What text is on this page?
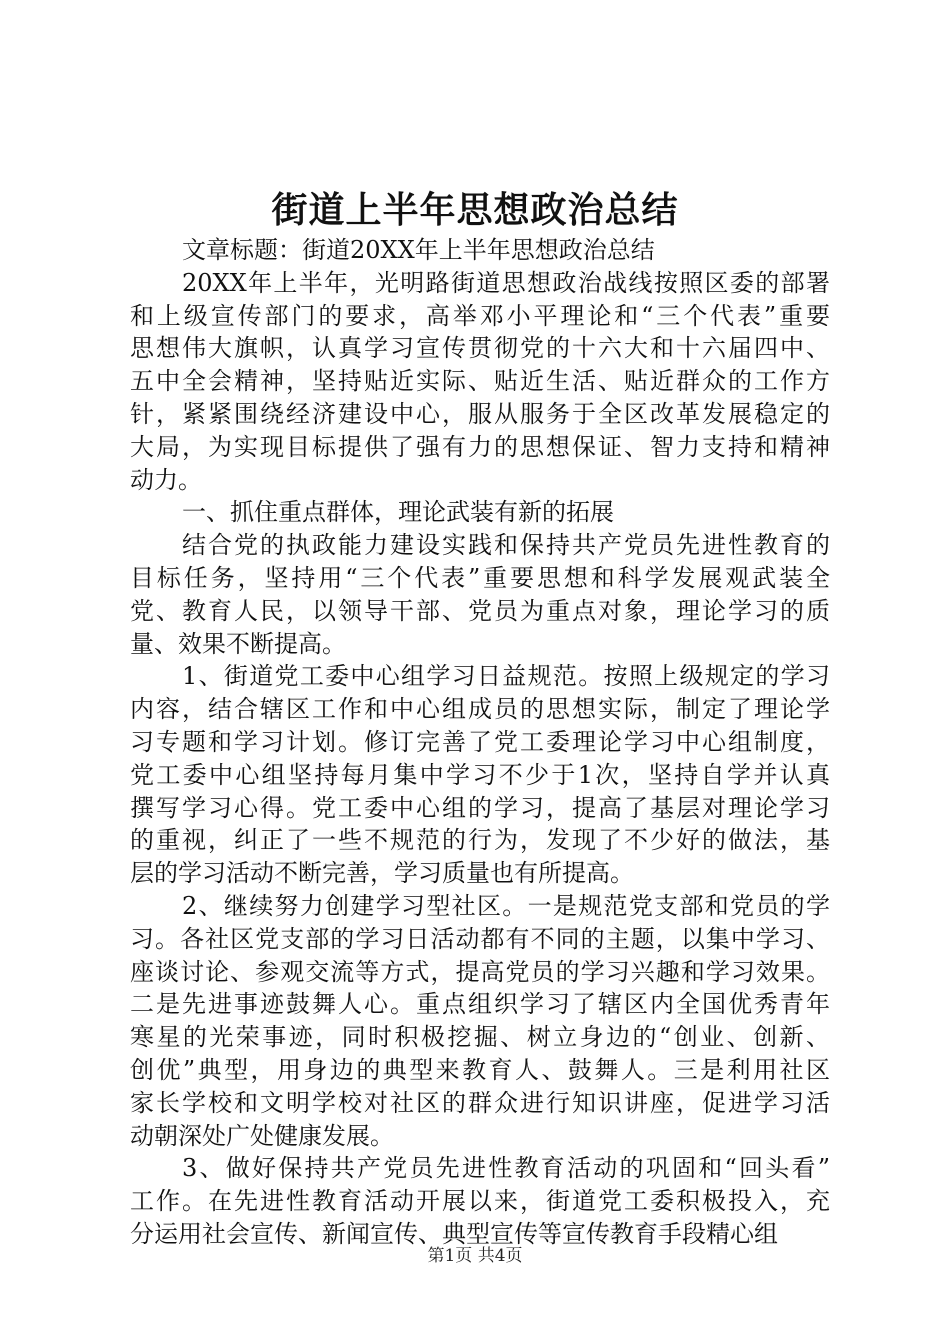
街道上半年思想政治总结
文章标题：街道20XX年上半年思想政治总结
20XX年上半年，光明路街道思想政治战线按照区委的部署
和上级宣传部门的要求，高举邓小平理论和“三个代表”重要
思想伟大旗帜，认真学习宣传贯彻党的十六大和十六届四中、
五中全会精神，坚持贴近实际、贴近生活、贴近群众的工作方
针，紧紧围绕经济建设中心，服从服务于全区改革发展稳定的
大局，为实现目标提供了强有力的思想保证、智力支持和精神
动力。
一、抓住重点群体，理论武装有新的拓展
结合党的执政能力建设实践和保持共产党员先进性教育的
目标任务，坚持用“三个代表”重要思想和科学发展观武装全
党、教育人民，以领导干部、党员为重点对象，理论学习的质
量、效果不断提高。
1、街道党工委中心组学习日益规范。按照上级规定的学习
内容，结合辖区工作和中心组成员的思想实际，制定了理论学
习专题和学习计划。修订完善了党工委理论学习中心组制度，
党工委中心组坚持每月集中学习不少于1次，坚持自学并认真
撰写学习心得。党工委中心组的学习，提高了基层对理论学习
的重视，纠正了一些不规范的行为，发现了不少好的做法，基
层的学习活动不断完善，学习质量也有所提高。
2、继续努力创建学习型社区。一是规范党支部和党员的学
习。各社区党支部的学习日活动都有不同的主题，以集中学习、
座谈讨论、参观交流等方式，提高党员的学习兴趣和学习效果。
二是先进事迹鼓舞人心。重点组织学习了辖区内全国优秀青年
寒星的光荣事迹，同时积极挖掘、树立身边的“创业、创新、
创优”典型，用身边的典型来教育人、鼓舞人。三是利用社区
家长学校和文明学校对社区的群众进行知识讲座，促进学习活
动朝深处广处健康发展。
3、做好保持共产党员先进性教育活动的巩固和“回头看”
工作。在先进性教育活动开展以来，街道党工委积极投入，充
分运用社会宣传、新闻宣传、典型宣传等宣传教育手段精心组
第1页 共4页
